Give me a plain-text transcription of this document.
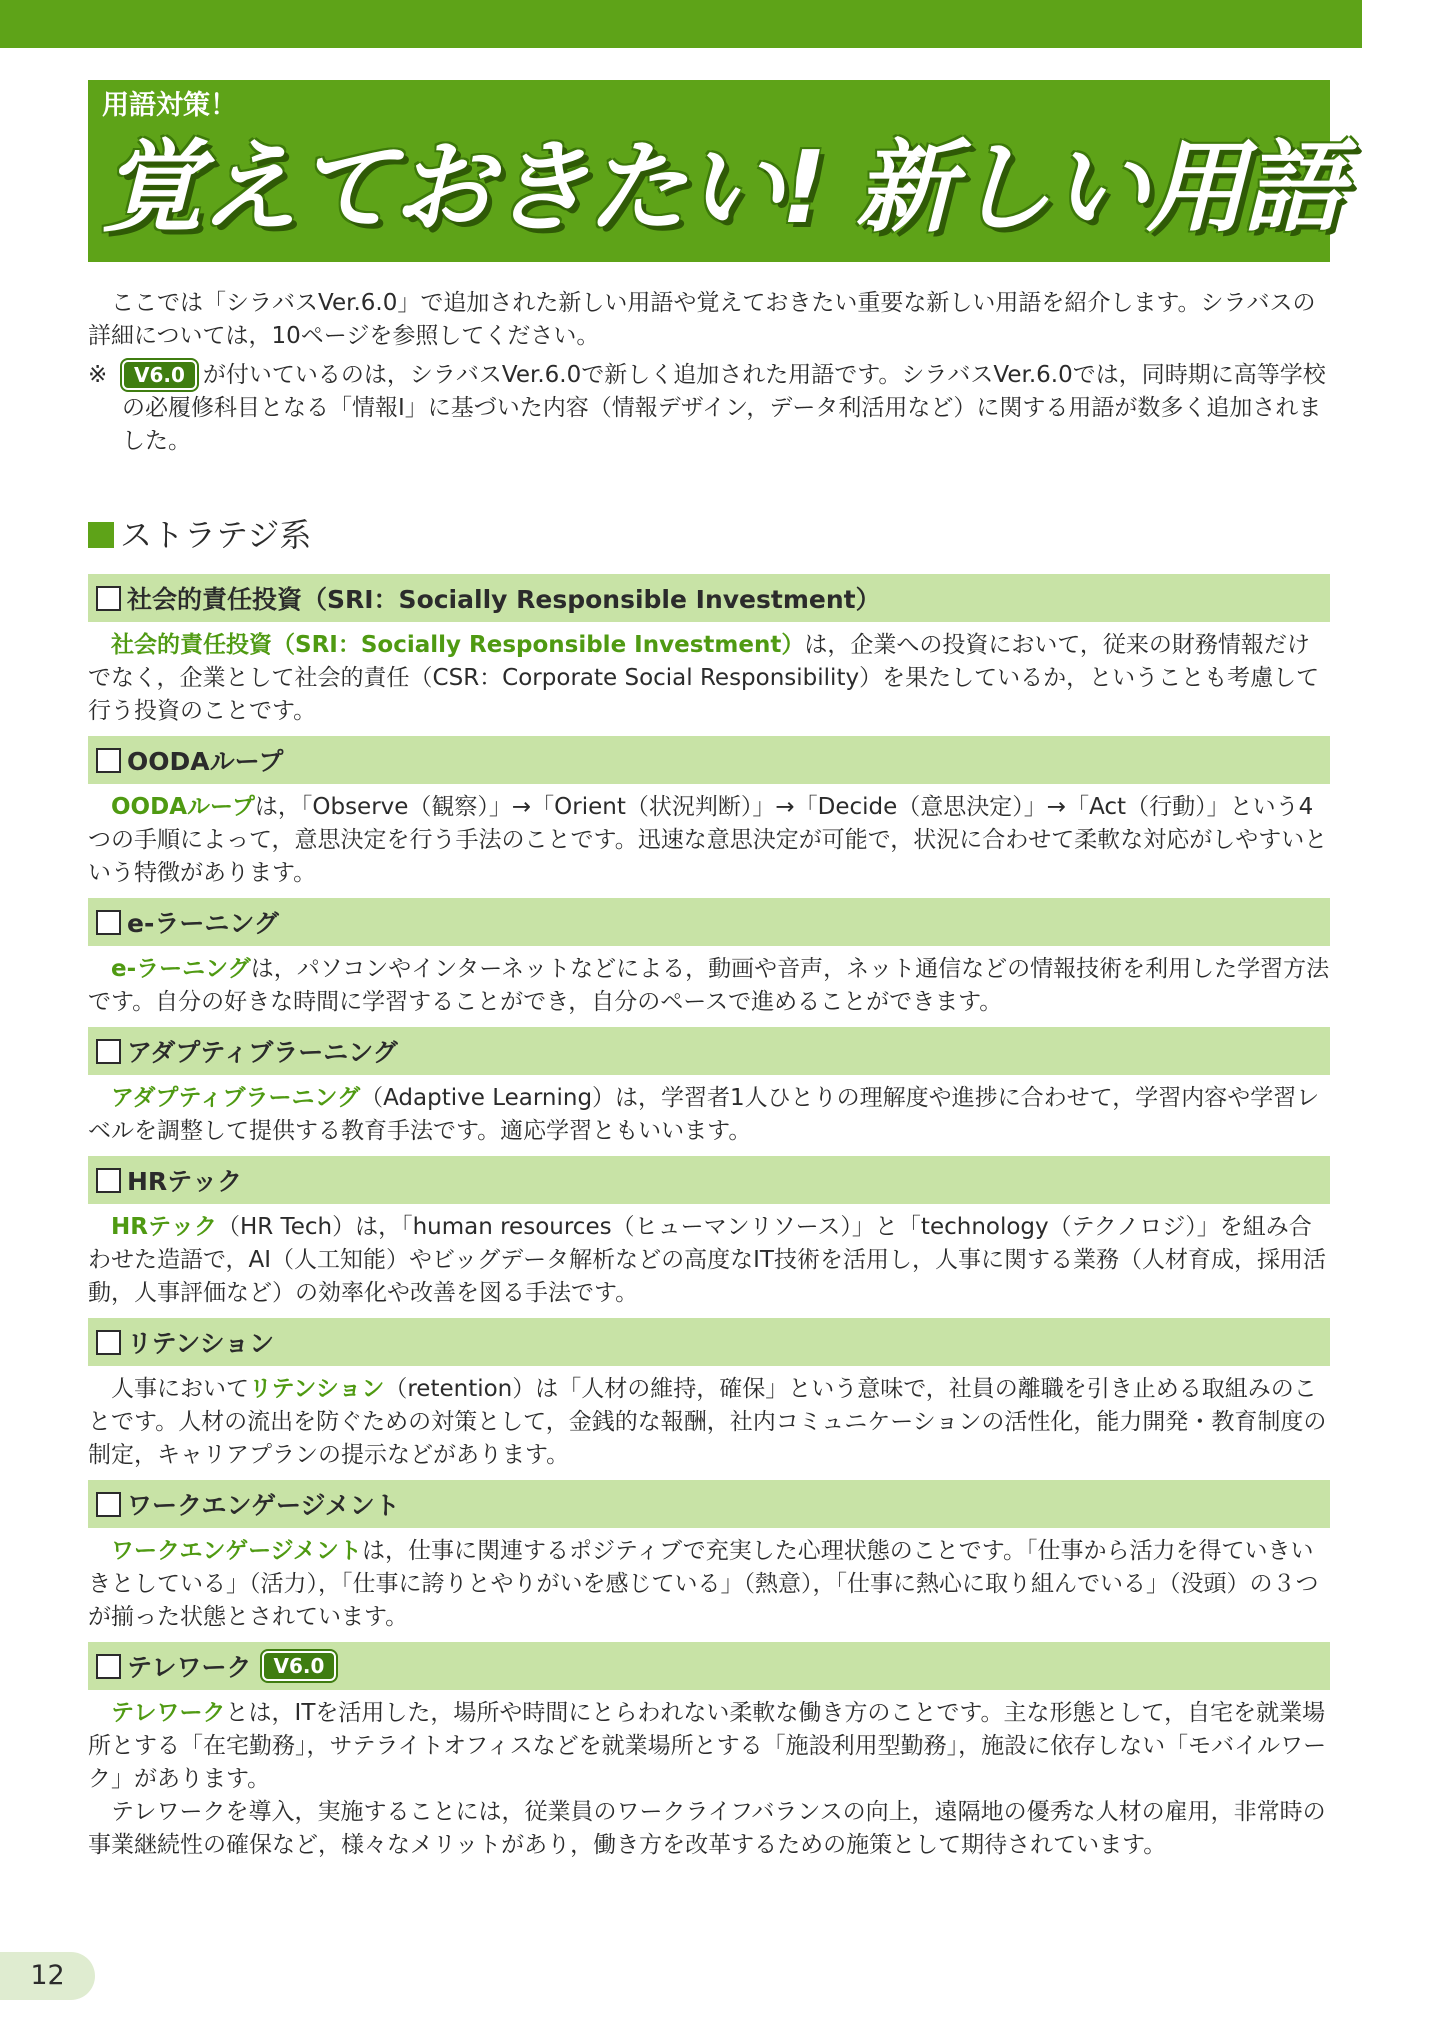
用語対策！
覚えておきたい! 新しい用語

ここでは「シラバスVer.6.0」で追加された新しい用語や覚えておきたい重要な新しい用語を紹介します。シラバスの詳細については，10ページを参照してください。

※	V6.0 が付いているのは，シラバスVer.6.0で新しく追加された用語です。シラバスVer.6.0では，同時期に高等学校の必履修科目となる「情報Ⅰ」に基づいた内容（情報デザイン，データ利活用など）に関する用語が数多く追加されました。
ストラテジ系
社会的責任投資（SRI：Socially Responsible Investment）

社会的責任投資（SRI：Socially Responsible Investment）は，企業への投資において，従来の財務情報だけでなく，企業として社会的責任（CSR：Corporate Social Responsibility）を果たしているか，ということも考慮して行う投資のことです。

OODAループ

OODAループは，「Observe（観察）」→「Orient（状況判断）」→「Decide（意思決定）」→「Act（行動）」という4つの手順によって，意思決定を行う手法のことです。迅速な意思決定が可能で，状況に合わせて柔軟な対応がしやすいという特徴があります。

e-ラーニング

e-ラーニングは，パソコンやインターネットなどによる，動画や音声，ネット通信などの情報技術を利用した学習方法です。自分の好きな時間に学習することができ，自分のペースで進めることができます。

アダプティブラーニング

アダプティブラーニング（Adaptive Learning）は，学習者1人ひとりの理解度や進捗に合わせて，学習内容や学習レベルを調整して提供する教育手法です。適応学習ともいいます。

HRテック

HRテック（HR Tech）は，「human resources（ヒューマンリソース）」と「technology（テクノロジ）」を組み合わせた造語で，AI（人工知能）やビッグデータ解析などの高度なIT技術を活用し，人事に関する業務（人材育成，採用活動，人事評価など）の効率化や改善を図る手法です。

リテンション

人事においてリテンション（retention）は「人材の維持，確保」という意味で，社員の離職を引き止める取組みのことです。人材の流出を防ぐための対策として，金銭的な報酬，社内コミュニケーションの活性化，能力開発・教育制度の制定，キャリアプランの提示などがあります。

ワークエンゲージメント

ワークエンゲージメントは，仕事に関連するポジティブで充実した心理状態のことです。「仕事から活力を得ていきいきとしている」（活力），「仕事に誇りとやりがいを感じている」（熱意），「仕事に熱心に取り組んでいる」（没頭）の３つが揃った状態とされています。

テレワーク	V6.0

テレワークとは，ITを活用した，場所や時間にとらわれない柔軟な働き方のことです。主な形態として，自宅を就業場所とする「在宅勤務」，サテライトオフィスなどを就業場所とする「施設利用型勤務」，施設に依存しない「モバイルワーク」があります。

テレワークを導入，実施することには，従業員のワークライフバランスの向上，遠隔地の優秀な人材の雇用，非常時の事業継続性の確保など，様々なメリットがあり，働き方を改革するための施策として期待されています。

12
